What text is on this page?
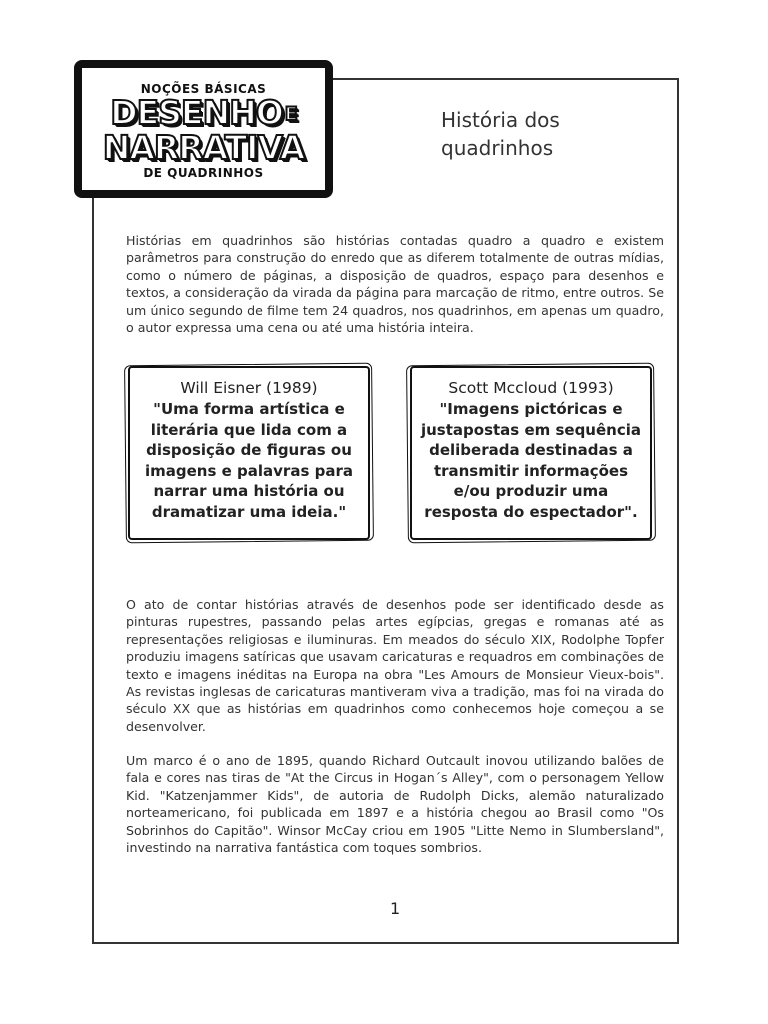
NOÇÕES BÁSICAS
DESENHO E
NARRATIVA
DE QUADRINHOS
História dos
quadrinhos
Histórias em quadrinhos são histórias contadas quadro a quadro e existem parâmetros para construção do enredo que as diferem totalmente de outras mídias, como o número de páginas, a disposição de quadros, espaço para desenhos e textos, a consideração da virada da página para marcação de ritmo, entre outros. Se um único segundo de filme tem 24 quadros, nos quadrinhos, em apenas um quadro, o autor expressa uma cena ou até uma história inteira.
Will Eisner (1989)
"Uma forma artística e literária que lida com a disposição de figuras ou imagens e palavras para narrar uma história ou dramatizar uma ideia."
Scott Mccloud (1993)
"Imagens pictóricas e justapostas em sequência deliberada destinadas a transmitir informações e/ou produzir uma resposta do espectador".
O ato de contar histórias através de desenhos pode ser identificado desde as pinturas rupestres, passando pelas artes egípcias, gregas e romanas até as representações religiosas e iluminuras. Em meados do século XIX, Rodolphe Topfer produziu imagens satíricas que usavam caricaturas e requadros em combinações de texto e imagens inéditas na Europa na obra "Les Amours de Monsieur Vieux-bois". As revistas inglesas de caricaturas mantiveram viva a tradição, mas foi na virada do século XX que as histórias em quadrinhos como conhecemos hoje começou a se desenvolver.
Um marco é o ano de 1895, quando Richard Outcault inovou utilizando balões de fala e cores nas tiras de "At the Circus in Hogan´s Alley", com o personagem Yellow Kid. "Katzenjammer Kids", de autoria de Rudolph Dicks, alemão naturalizado norteamericano, foi publicada em 1897 e a história chegou ao Brasil como "Os Sobrinhos do Capitão". Winsor McCay criou em 1905 "Litte Nemo in Slumbersland", investindo na narrativa fantástica com toques sombrios.
1
